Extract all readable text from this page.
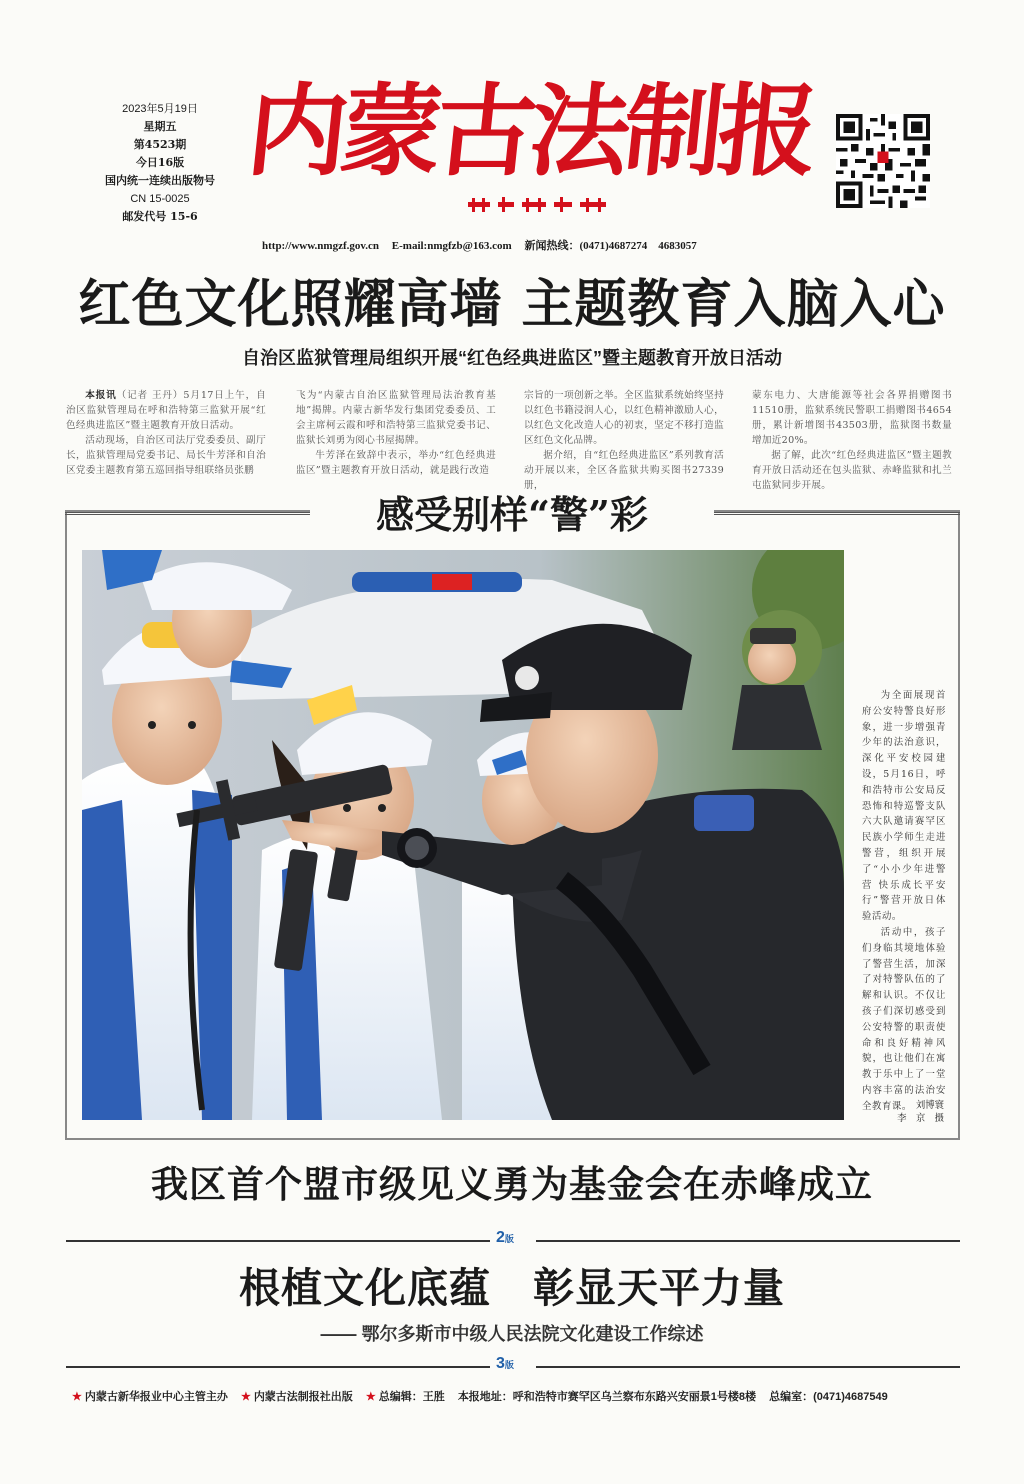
2023年5月19日
星期五
第4523期
今日16版
国内统一连续出版物号
CN 15-0025
邮发代号 15-6
内蒙古法制报
http://www.nmgzf.gov.cn E-mail:nmgfzb@163.com 新闻热线：(0471)4687274　4683057
红色文化照耀高墙 主题教育入脑入心
自治区监狱管理局组织开展“红色经典进监区”暨主题教育开放日活动

本报讯（记者 王丹）5月17日上午，自治区监狱管理局在呼和浩特第三监狱开展“红色经典进监区”暨主题教育开放日活动。

活动现场，自治区司法厅党委委员、副厅长，监狱管理局党委书记、局长牛芳泽和自治区党委主题教育第五巡回指导组联络员张鹏

飞为“内蒙古自治区监狱管理局法治教育基地”揭牌。内蒙古新华发行集团党委委员、工会主席柯云霞和呼和浩特第三监狱党委书记、监狱长刘勇为阅心书屋揭牌。

牛芳泽在致辞中表示，举办“红色经典进监区”暨主题教育开放日活动，就是践行改造

宗旨的一项创新之举。全区监狱系统始终坚持以红色书籍浸润人心，以红色精神激励人心，以红色文化改造人心的初衷，坚定不移打造监区红色文化品牌。

据介绍，自“红色经典进监区”系列教育活动开展以来，全区各监狱共购买图书27339册，

蒙东电力、大唐能源等社会各界捐赠图书11510册，监狱系统民警职工捐赠图书4654册，累计新增图书43503册，监狱图书数量增加近20%。

据了解，此次“红色经典进监区”暨主题教育开放日活动还在包头监狱、赤峰监狱和扎兰屯监狱同步开展。

感受别样“警”彩

为全面展现首府公安特警良好形象，进一步增强青少年的法治意识，深化平安校园建设，5月16日，呼和浩特市公安局反恐怖和特巡警支队六大队邀请赛罕区民族小学师生走进警营，组织开展了“小小少年进警营 快乐成长平安行”警营开放日体验活动。

活动中，孩子们身临其境地体验了警营生活，加深了对特警队伍的了解和认识。不仅让孩子们深切感受到公安特警的职责使命和良好精神风貌，也让他们在寓教于乐中上了一堂内容丰富的法治安全教育课。 刘博寰
李　京　摄
我区首个盟市级见义勇为基金会在赤峰成立
2版
根植文化底蕴　彰显天平力量
—— 鄂尔多斯市中级人民法院文化建设工作综述
3版
★ 内蒙古新华报业中心主管主办 ★ 内蒙古法制报社出版 ★ 总编辑：王胜 本报地址：呼和浩特市赛罕区乌兰察布东路兴安丽景1号楼8楼 总编室：(0471)4687549
